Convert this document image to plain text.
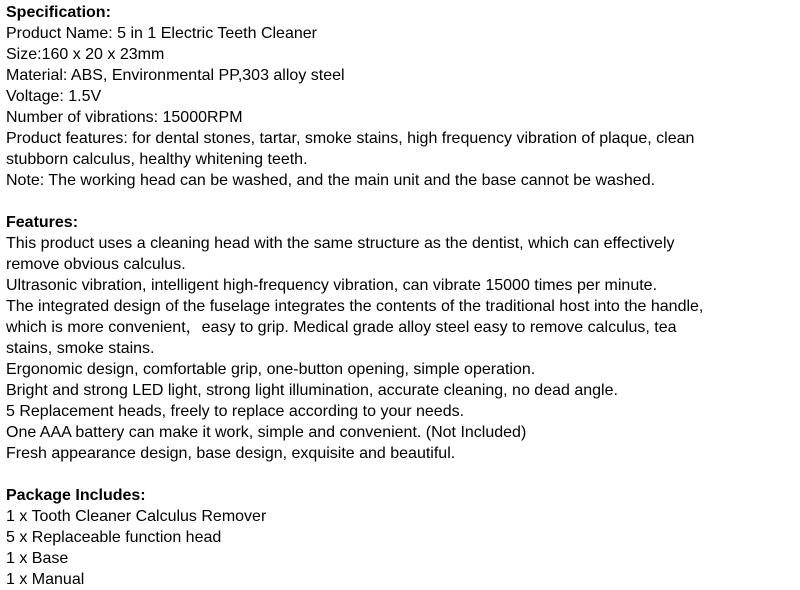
Specification:

Product Name: 5 in 1 Electric Teeth Cleaner

Size:160 x 20 x 23mm

Material: ABS, Environmental PP,303 alloy steel

Voltage: 1.5V

Number of vibrations: 15000RPM

Product features: for dental stones, tartar, smoke stains, high frequency vibration of plaque, clean

stubborn calculus, healthy whitening teeth.

Note: The working head can be washed, and the main unit and the base cannot be washed.

Features:

This product uses a cleaning head with the same structure as the dentist, which can effectively

remove obvious calculus.

Ultrasonic vibration, intelligent high-frequency vibration, can vibrate 15000 times per minute.

The integrated design of the fuselage integrates the contents of the traditional host into the handle,

which is more convenient，easy to grip. Medical grade alloy steel easy to remove calculus, tea

stains, smoke stains.

Ergonomic design, comfortable grip, one-button opening, simple operation.

Bright and strong LED light, strong light illumination, accurate cleaning, no dead angle.

5 Replacement heads, freely to replace according to your needs.

One AAA battery can make it work, simple and convenient. (Not Included)

Fresh appearance design, base design, exquisite and beautiful.

Package Includes:

1 x Tooth Cleaner Calculus Remover

5 x Replaceable function head

1 x Base

1 x Manual
